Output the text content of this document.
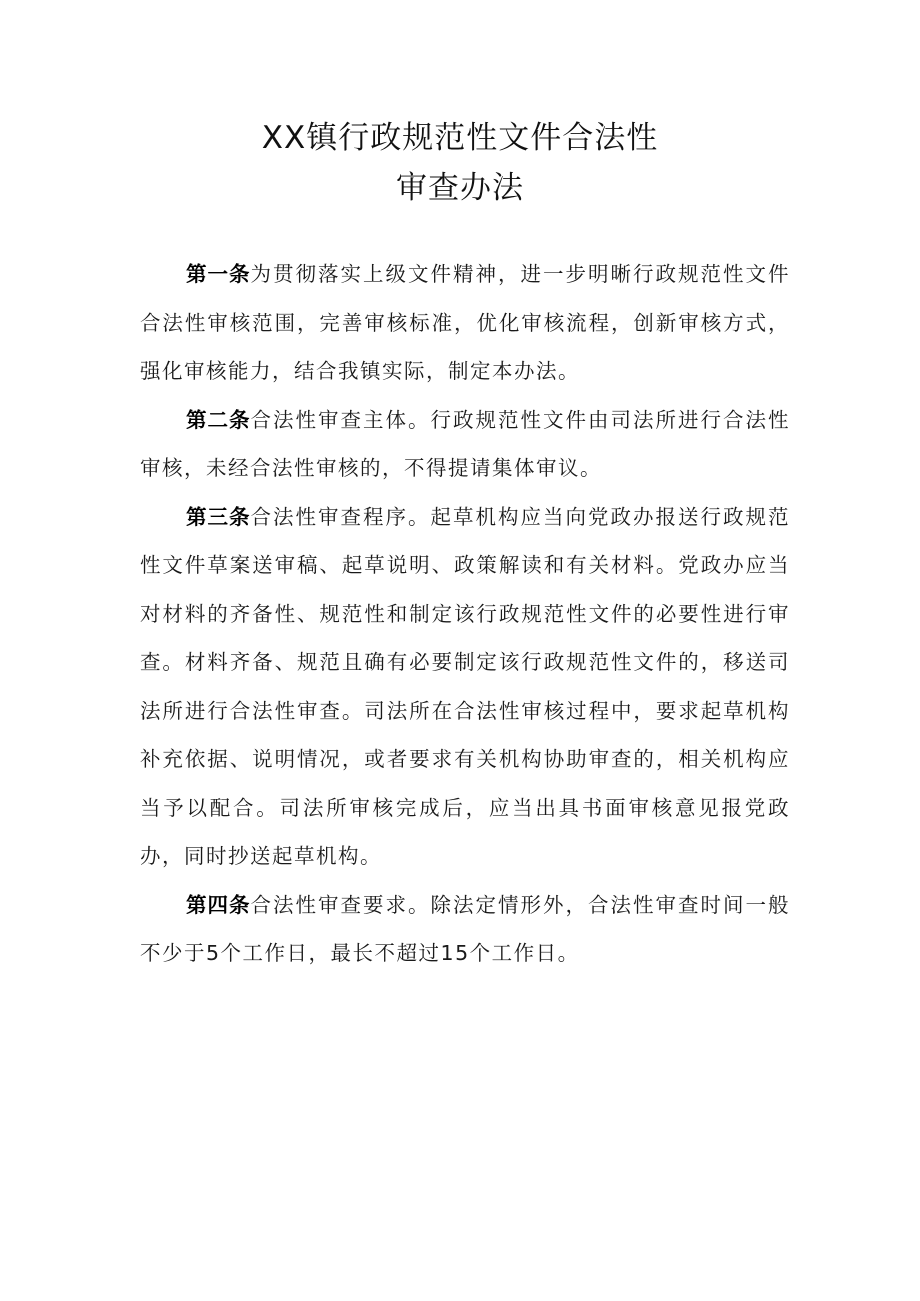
XX镇行政规范性文件合法性
审查办法

第一条为贯彻落实上级文件精神，进一步明晰行政规范性文件合法性审核范围，完善审核标准，优化审核流程，创新审核方式，强化审核能力，结合我镇实际，制定本办法。

第二条合法性审查主体。行政规范性文件由司法所进行合法性审核，未经合法性审核的，不得提请集体审议。

第三条合法性审查程序。起草机构应当向党政办报送行政规范性文件草案送审稿、起草说明、政策解读和有关材料。党政办应当对材料的齐备性、规范性和制定该行政规范性文件的必要性进行审查。材料齐备、规范且确有必要制定该行政规范性文件的，移送司法所进行合法性审查。司法所在合法性审核过程中，要求起草机构补充依据、说明情况，或者要求有关机构协助审查的，相关机构应当予以配合。司法所审核完成后，应当出具书面审核意见报党政办，同时抄送起草机构。

第四条合法性审查要求。除法定情形外，合法性审查时间一般不少于5个工作日，最长不超过15个工作日。
